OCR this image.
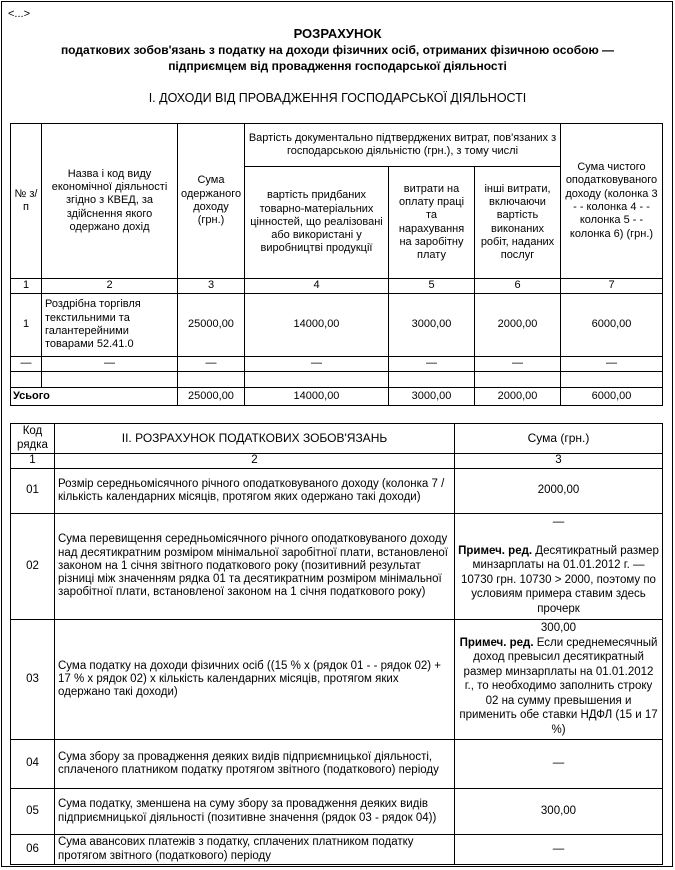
<...>
РОЗРАХУНОК
податкових зобов'язань з податку на доходи фізичних осіб, отриманих фізичною особою —
підприємцем від провадження господарської діяльності
І. ДОХОДИ ВІД ПРОВАДЖЕННЯ ГОСПОДАРСЬКОЇ ДІЯЛЬНОСТІ
№ з/п	Назва і код виду економічної діяльності згідно з КВЕД, за здійснення якого одержано дохід	Сума одержаного доходу (грн.)	Вартість документально підтверджених витрат, пов'язаних з господарською діяльністю (грн.), з тому числі			Сума чистого оподатковуваного доходу (колонка 3 - - колонка 4 - - колонка 5 - - колонка 6) (грн.)
			вартість придбаних товарно-матеріальних цінностей, що реалізовані або використані у виробництві продукції	витрати на оплату праці та нарахування на заробітну плату	інші витрати, включаючи вартість виконаних робіт, наданих послуг	
1	2	3	4	5	6	7
1	Роздрібна торгівля текстильними та галантерейними товарами 52.41.0	25000,00	14000,00	3000,00	2000,00	6000,00
—	—	—	—	—	—	—

Усього		25000,00	14000,00	3000,00	2000,00	6000,00
Код рядка	ІІ. РОЗРАХУНОК ПОДАТКОВИХ ЗОБОВ'ЯЗАНЬ	Сума (грн.)
1	2	3
01	Розмір середньомісячного річного оподатковуваного доходу (колонка 7 / кількість календарних місяців, протягом яких одержано такі доходи)	2000,00
02	Сума перевищення середньомісячного річного оподатковуваного доходу над десятикратним розміром мінімальної заробітної плати, встановленої законом на 1 січня звітного податкового року (позитивний результат різниці між значенням рядка 01 та десятикратним розміром мінімальної заробітної плати, встановленої законом на 1 січня податкового року)	—
Примеч. ред. Десятикратный размер минзарплаты на 01.01.2012 г. — 10730 грн. 10730 > 2000, поэтому по условиям примера ставим здесь прочерк

03	Сума податку на доходи фізичних осіб ((15 % х (рядок 01 - - рядок 02) + 17 % х рядок 02) х кількість календарних місяців, протягом яких одержано такі доходи)	300,00
Примеч. ред. Если среднемесячный доход превысил десятикратный размер минзарплаты на 01.01.2012 г., то необходимо заполнить строку 02 на сумму превышения и применить обе ставки НДФЛ (15 и 17 %)

04	Сума збору за провадження деяких видів підприємницької діяльності, сплаченого платником податку протягом звітного (податкового) періоду	—
05	Сума податку, зменшена на суму збору за провадження деяких видів підприємницької діяльності (позитивне значення (рядок 03 - рядок 04))	300,00
06	Сума авансових платежів з податку, сплачених платником податку протягом звітного (податкового) періоду	—
